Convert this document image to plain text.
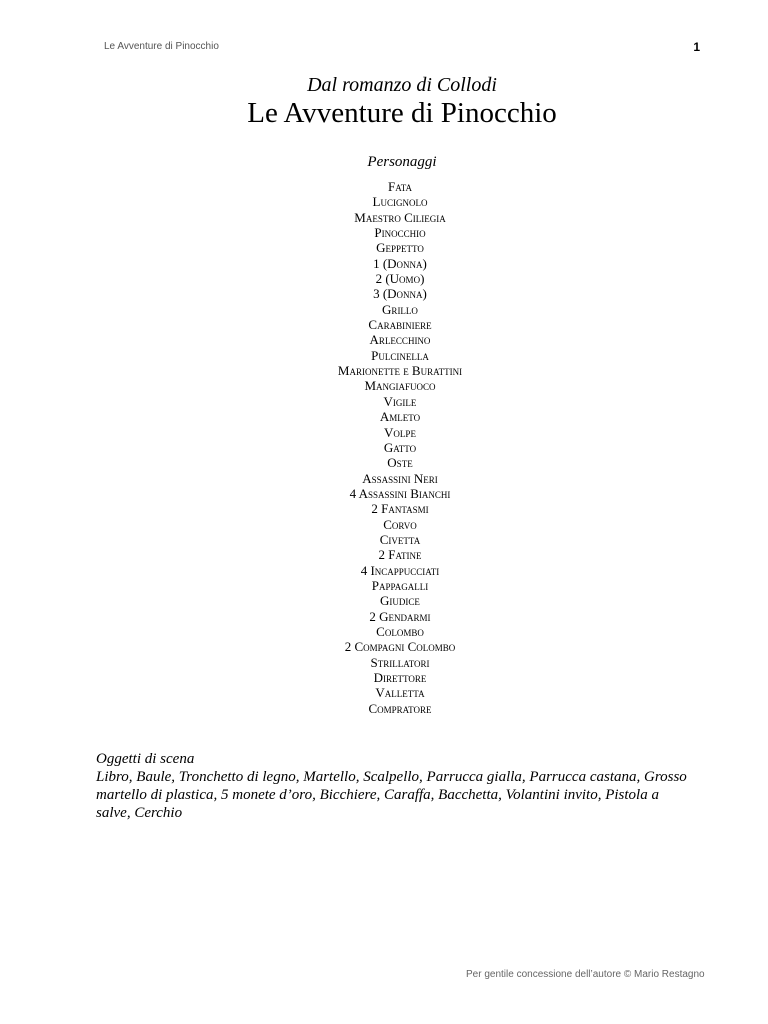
Le Avventure di Pinocchio	1
Dal romanzo di Collodi
Le Avventure di Pinocchio
Personaggi
Fata
Lucignolo
Maestro Ciliegia
Pinocchio
Geppetto
1 (Donna)
2 (Uomo)
3 (Donna)
Grillo
Carabiniere
Arlecchino
Pulcinella
Marionette e Burattini
Mangiafuoco
Vigile
Amleto
Volpe
Gatto
Oste
Assassini Neri
4 Assassini Bianchi
2 Fantasmi
Corvo
Civetta
2 Fatine
4 Incappucciati
Pappagalli
Giudice
2 Gendarmi
Colombo
2 Compagni Colombo
Strillatori
Direttore
Valletta
Compratore

Oggetti di scena

Libro, Baule, Tronchetto di legno, Martello, Scalpello, Parrucca gialla, Parrucca castana, Grosso martello di plastica, 5 monete d’oro, Bicchiere, Caraffa, Bacchetta, Volantini invito, Pistola a salve, Cerchio

Per gentile concessione dell’autore © Mario Restagno
